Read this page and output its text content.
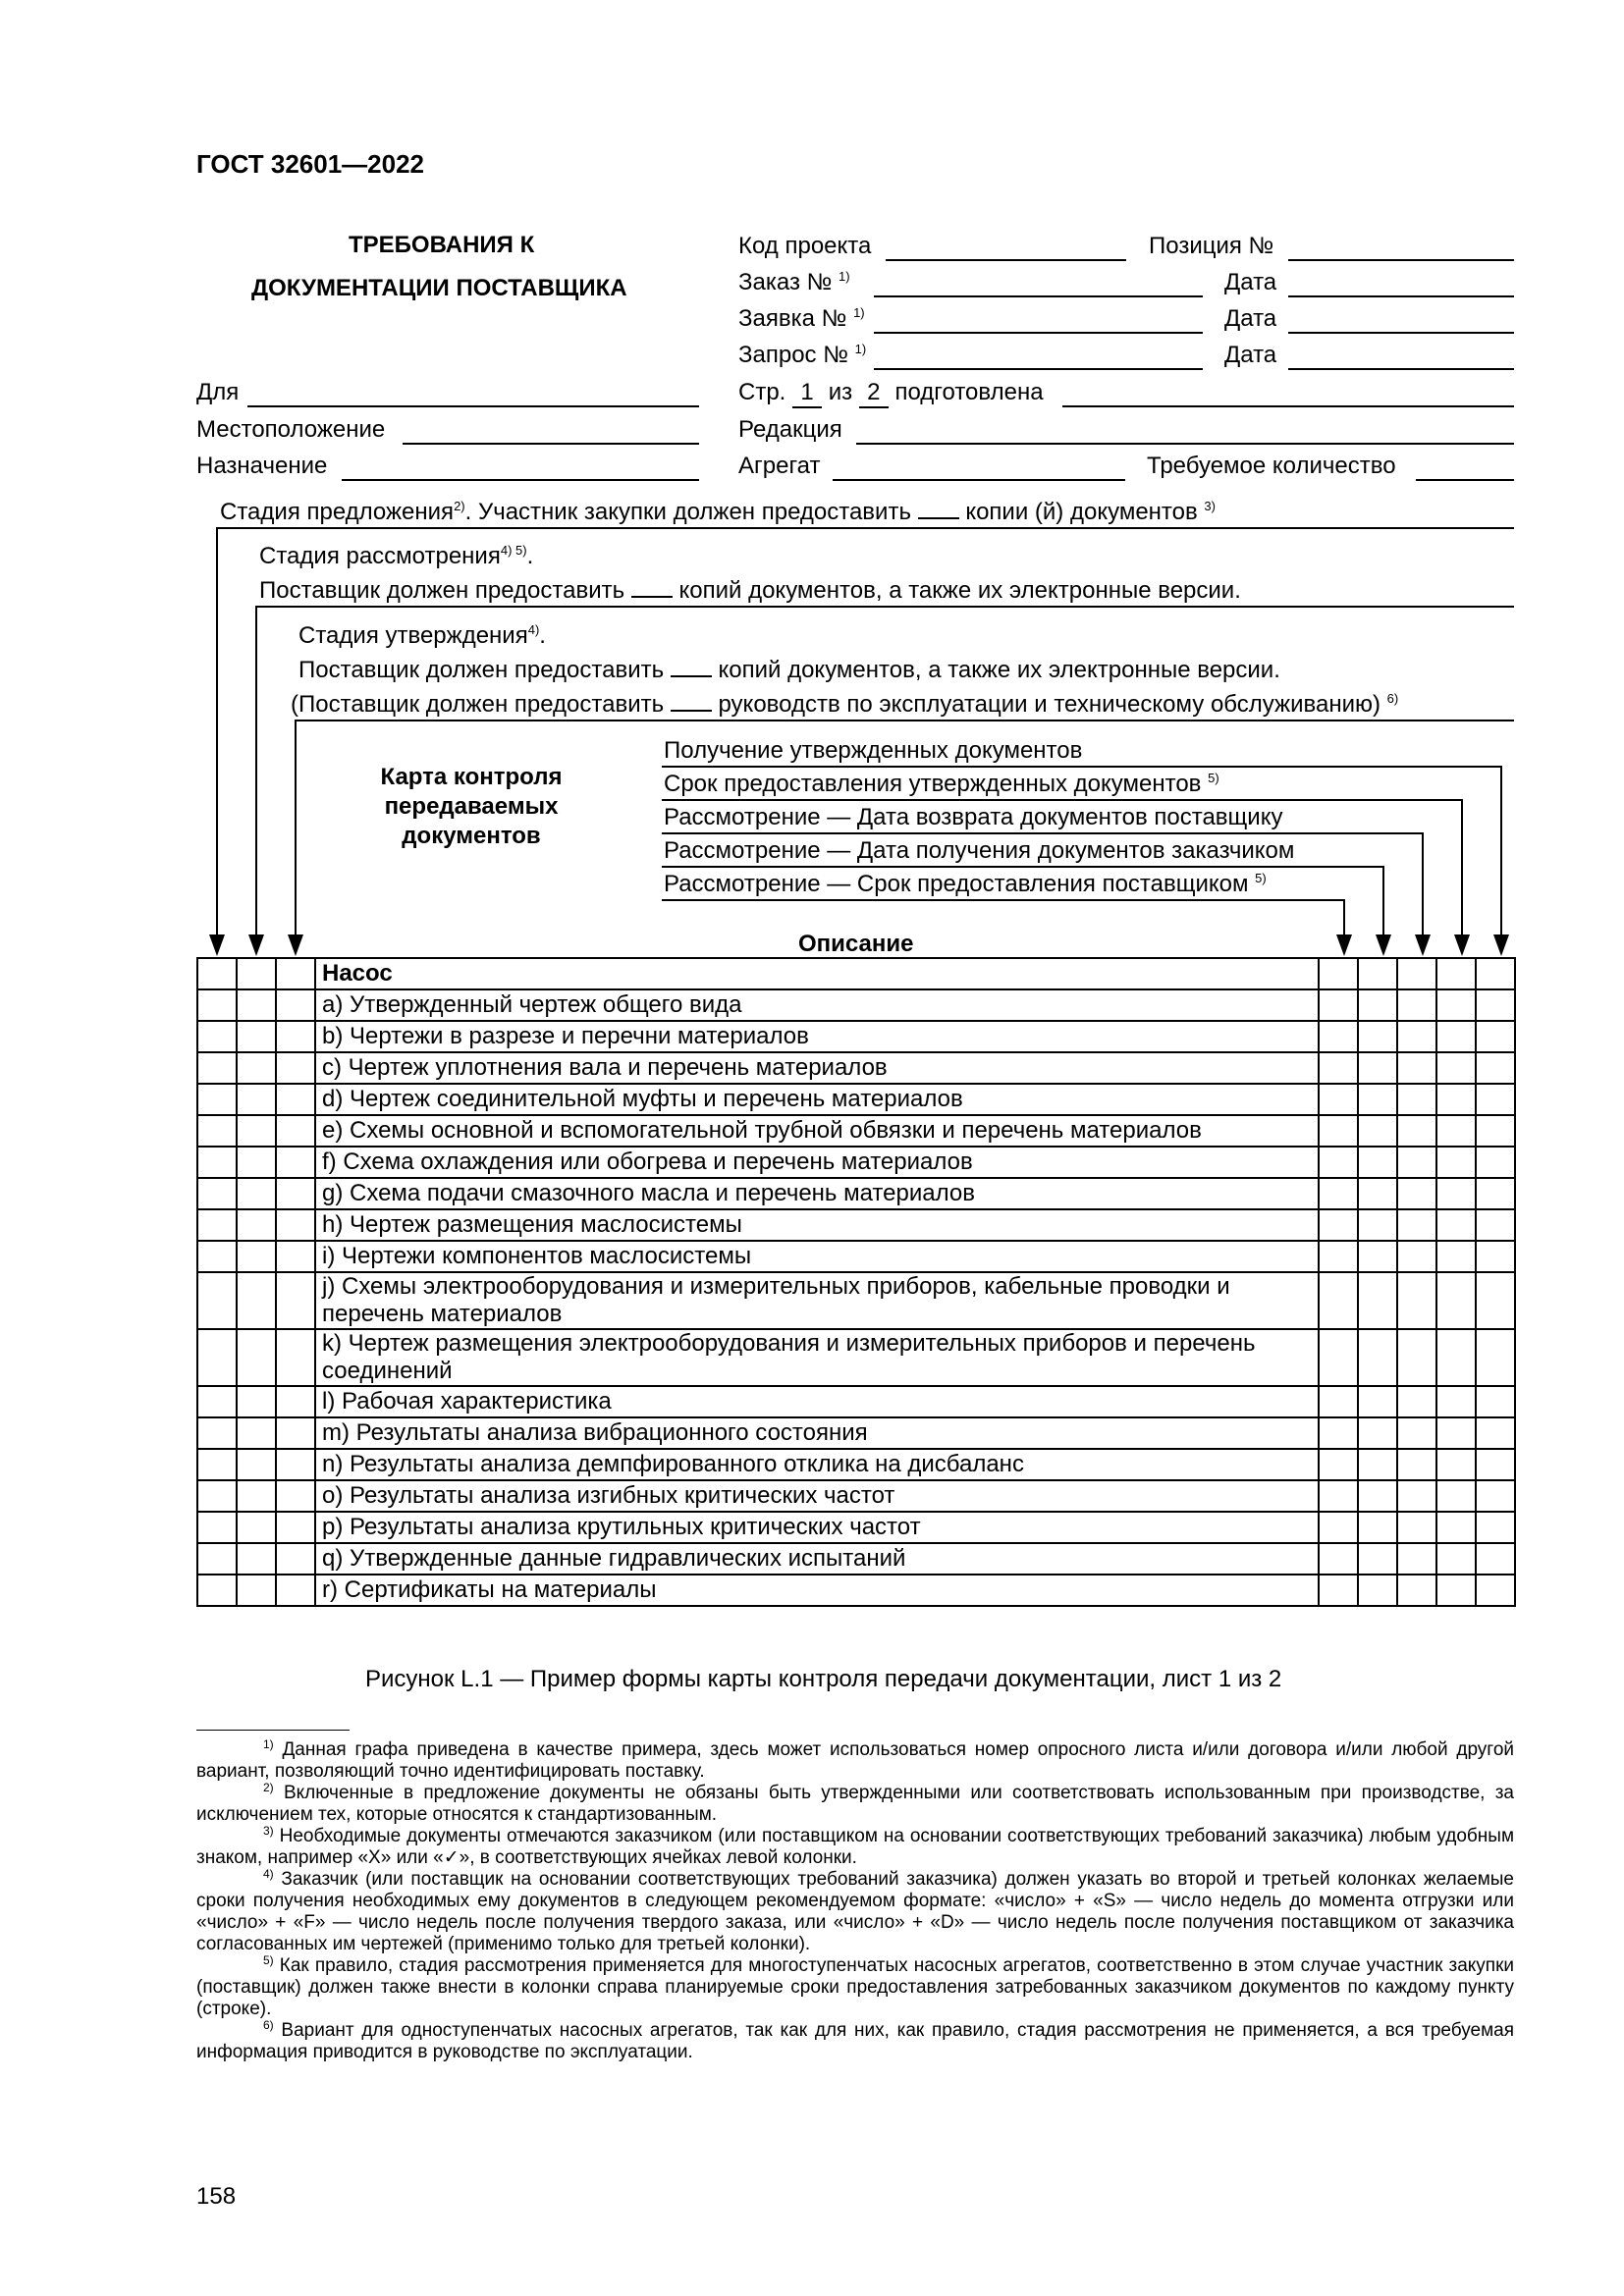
ГОСТ 32601—2022
ТРЕБОВАНИЯ К
ДОКУМЕНТАЦИИ ПОСТАВЩИКА
Код проекта	Позиция №
Заказ № $^{1)}$	Дата
Заявка № $^{1)}$	Дата
Запрос № $^{1)}$	Дата
Для
Местоположение
Назначение
Стр. 1 из 2 подготовлена
Редакция
Агрегат	Требуемое количество
Стадия предложения$^{2)}$. Участник закупки должен предоставить копии (й) документов $^{3)}$
Стадия рассмотрения$^{4) 5)}$.
Поставщик должен предоставить копий документов, а также их электронные версии.
Стадия утверждения$^{4)}$.
Поставщик должен предоставить копий документов, а также их электронные версии.
(Поставщик должен предоставить руководств по эксплуатации и техническому обслуживанию) $^{6)}$
Карта контроля
передаваемых
документов
Получение утвержденных документов
Срок предоставления утвержденных документов $^{5)}$
Рассмотрение — Дата возврата документов поставщику
Рассмотрение — Дата получения документов заказчиком
Рассмотрение — Срок предоставления поставщиком $^{5)}$
Описание
			Насос					
			a) Утвержденный чертеж общего вида					
			b) Чертежи в разрезе и перечни материалов					
			c) Чертеж уплотнения вала и перечень материалов					
			d) Чертеж соединительной муфты и перечень материалов					
			e) Схемы основной и вспомогательной трубной обвязки и перечень материалов					
			f) Схема охлаждения или обогрева и перечень материалов					
			g) Схема подачи смазочного масла и перечень материалов					
			h) Чертеж размещения маслосистемы					
			i) Чертежи компонентов маслосистемы					
			j) Схемы электрооборудования и измерительных приборов, кабельные проводки и перечень материалов					
			k) Чертеж размещения электрооборудования и измерительных приборов и перечень соединений					
			l) Рабочая характеристика					
			m) Результаты анализа вибрационного состояния					
			n) Результаты анализа демпфированного отклика на дисбаланс					
			o) Результаты анализа изгибных критических частот					
			p) Результаты анализа крутильных критических частот					
			q) Утвержденные данные гидравлических испытаний					
			r) Сертификаты на материалы					
Рисунок L.1 — Пример формы карты контроля передачи документации, лист 1 из 2
$^{1)}$ Данная графа приведена в качестве примера, здесь может использоваться номер опросного листа и/или договора и/или любой другой вариант, позволяющий точно идентифицировать поставку.
$^{2)}$ Включенные в предложение документы не обязаны быть утвержденными или соответствовать использованным при производстве, за исключением тех, которые относятся к стандартизованным.
$^{3)}$ Необходимые документы отмечаются заказчиком (или поставщиком на основании соответствующих требований заказчика) любым удобным знаком, например «X» или «✓», в соответствующих ячейках левой колонки.
$^{4)}$ Заказчик (или поставщик на основании соответствующих требований заказчика) должен указать во второй и третьей колонках желаемые сроки получения необходимых ему документов в следующем рекомендуемом формате: «число» + «S» — число недель до момента отгрузки или «число» + «F» — число недель после получения твердого заказа, или «число» + «D» — число недель после получения поставщиком от заказчика согласованных им чертежей (применимо только для третьей колонки).
$^{5)}$ Как правило, стадия рассмотрения применяется для многоступенчатых насосных агрегатов, соответственно в этом случае участник закупки (поставщик) должен также внести в колонки справа планируемые сроки предоставления затребованных заказчиком документов по каждому пункту (строке).
$^{6)}$ Вариант для одноступенчатых насосных агрегатов, так как для них, как правило, стадия рассмотрения не применяется, а вся требуемая информация приводится в руководстве по эксплуатации.
158
